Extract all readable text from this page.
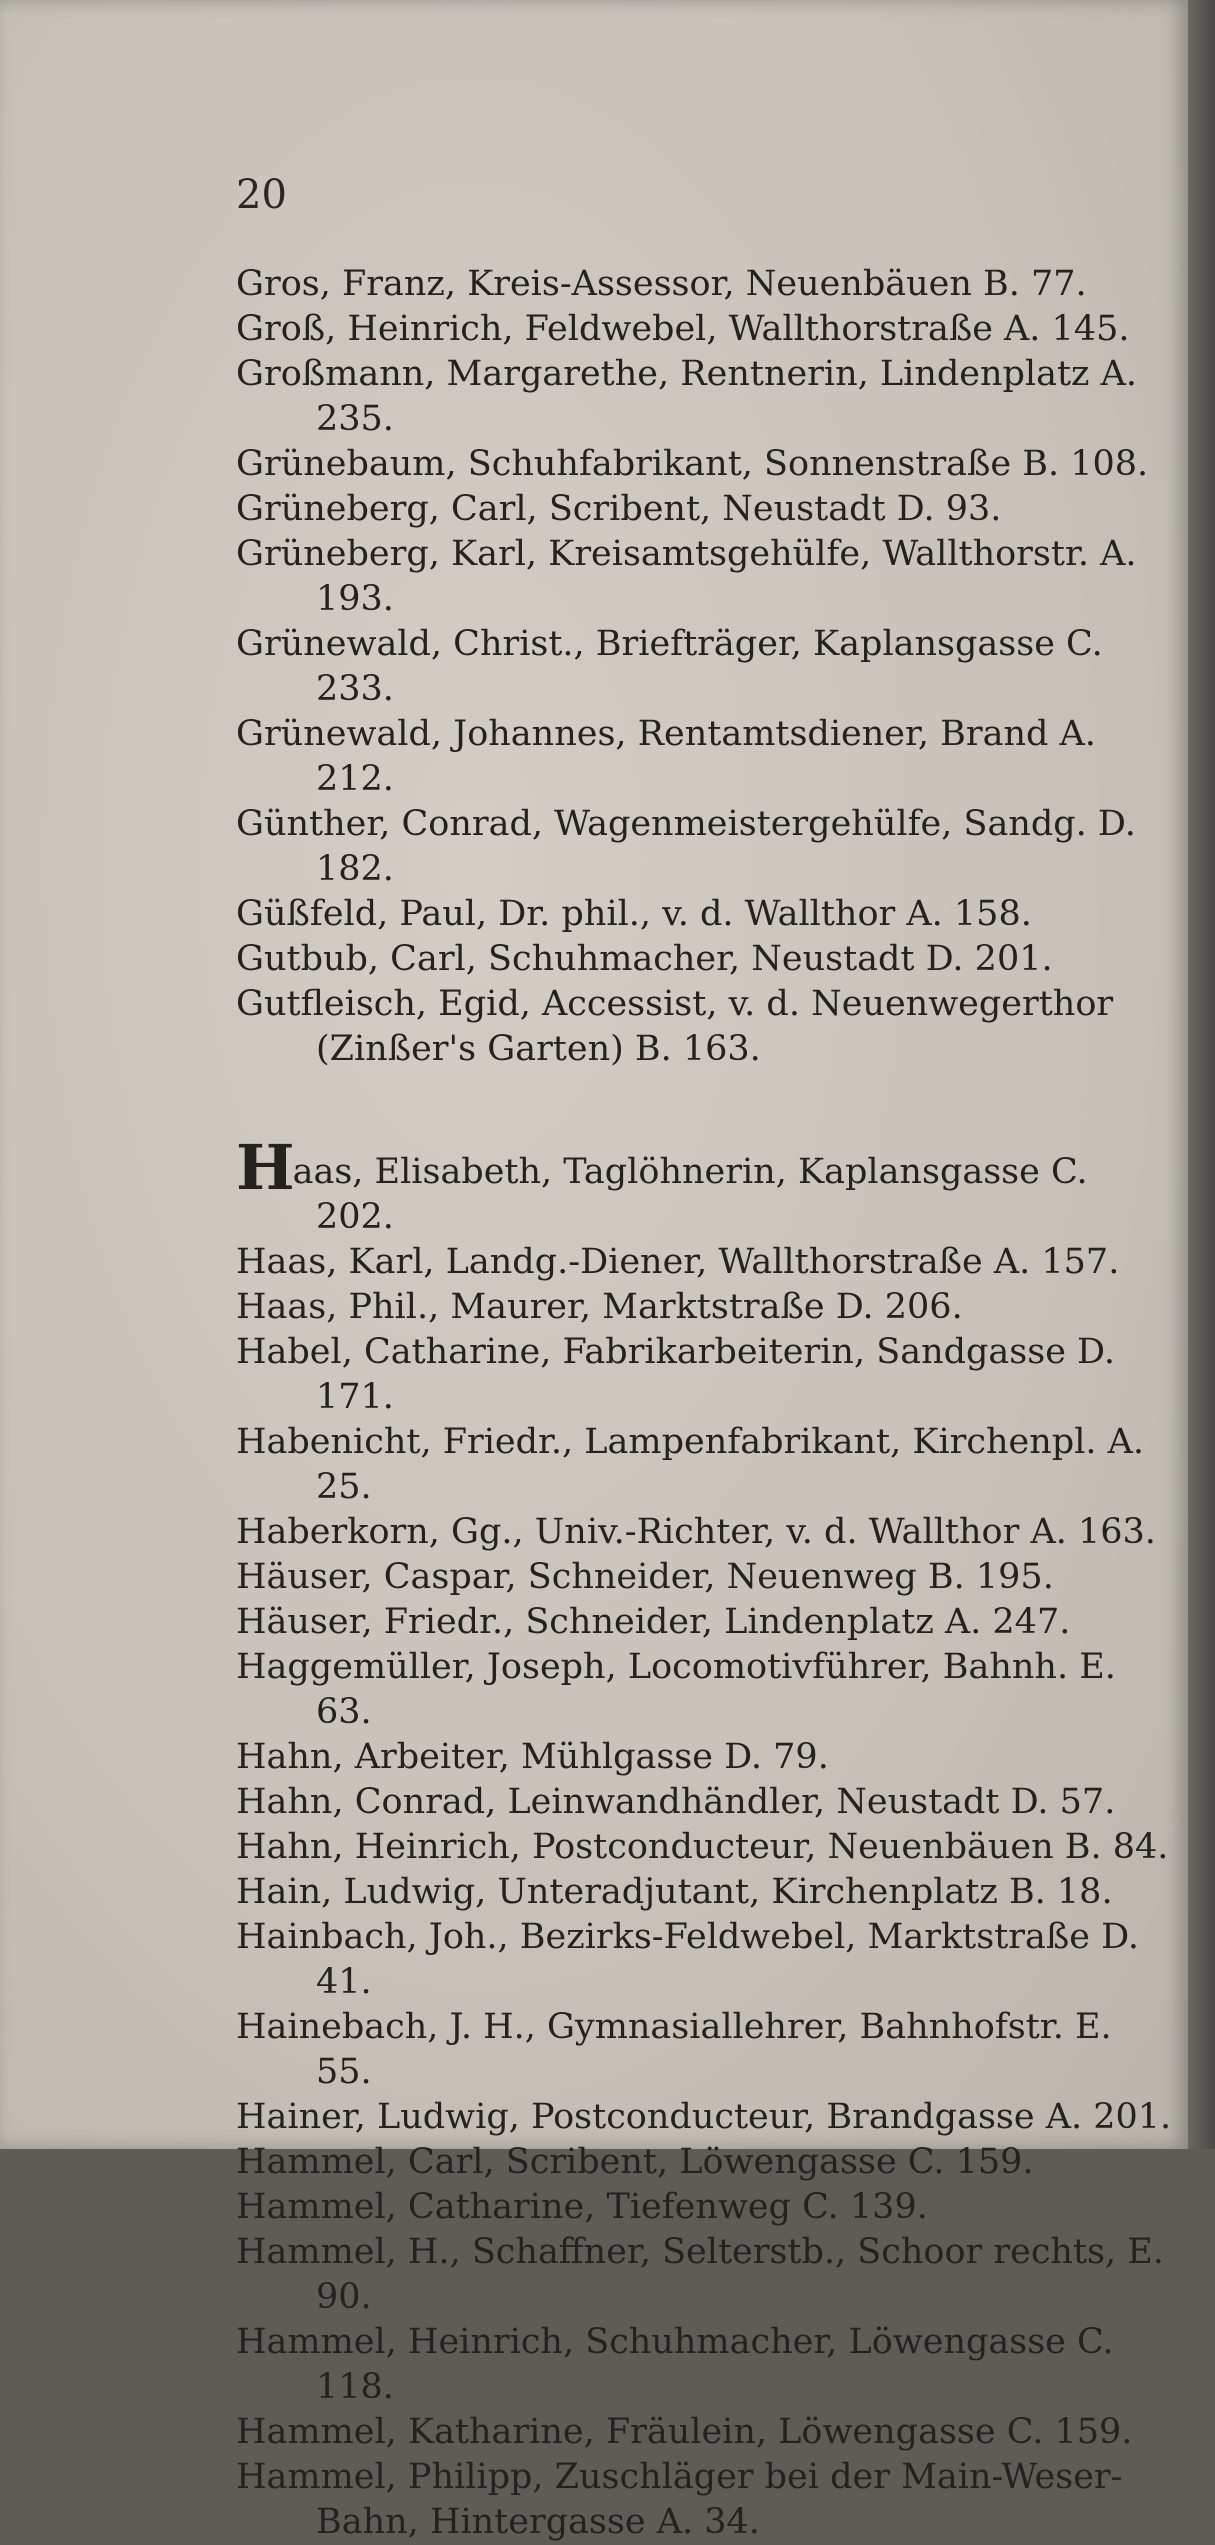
20

Gros, Franz, Kreis-Assessor, Neuenbäuen B. 77.

Groß, Heinrich, Feldwebel, Wallthorstraße A. 145.

Großmann, Margarethe, Rentnerin, Lindenplatz A. 235.

Grünebaum, Schuhfabrikant, Sonnenstraße B. 108.

Grüneberg, Carl, Scribent, Neustadt D. 93.

Grüneberg, Karl, Kreisamtsgehülfe, Wallthorstr. A. 193.

Grünewald, Christ., Briefträger, Kaplansgasse C. 233.

Grünewald, Johannes, Rentamtsdiener, Brand A. 212.

Günther, Conrad, Wagenmeistergehülfe, Sandg. D. 182.

Güßfeld, Paul, Dr. phil., v. d. Wallthor A. 158.

Gutbub, Carl, Schuhmacher, Neustadt D. 201.

Gutfleisch, Egid, Accessist, v. d. Neuenwegerthor (Zinßer's Garten) B. 163.

Haas, Elisabeth, Taglöhnerin, Kaplansgasse C. 202.

Haas, Karl, Landg.-Diener, Wallthorstraße A. 157.

Haas, Phil., Maurer, Marktstraße D. 206.

Habel, Catharine, Fabrikarbeiterin, Sandgasse D. 171.

Habenicht, Friedr., Lampenfabrikant, Kirchenpl. A. 25.

Haberkorn, Gg., Univ.-Richter, v. d. Wallthor A. 163.

Häuser, Caspar, Schneider, Neuenweg B. 195.

Häuser, Friedr., Schneider, Lindenplatz A. 247.

Haggemüller, Joseph, Locomotivführer, Bahnh. E. 63.

Hahn, Arbeiter, Mühlgasse D. 79.

Hahn, Conrad, Leinwandhändler, Neustadt D. 57.

Hahn, Heinrich, Postconducteur, Neuenbäuen B. 84.

Hain, Ludwig, Unteradjutant, Kirchenplatz B. 18.

Hainbach, Joh., Bezirks-Feldwebel, Marktstraße D. 41.

Hainebach, J. H., Gymnasiallehrer, Bahnhofstr. E. 55.

Hainer, Ludwig, Postconducteur, Brandgasse A. 201.

Hammel, Carl, Scribent, Löwengasse C. 159.

Hammel, Catharine, Tiefenweg C. 139.

Hammel, H., Schaffner, Selterstb., Schoor rechts, E. 90.

Hammel, Heinrich, Schuhmacher, Löwengasse C. 118.

Hammel, Katharine, Fräulein, Löwengasse C. 159.

Hammel, Philipp, Zuschläger bei der Main-Weser-Bahn, Hintergasse A. 34.
